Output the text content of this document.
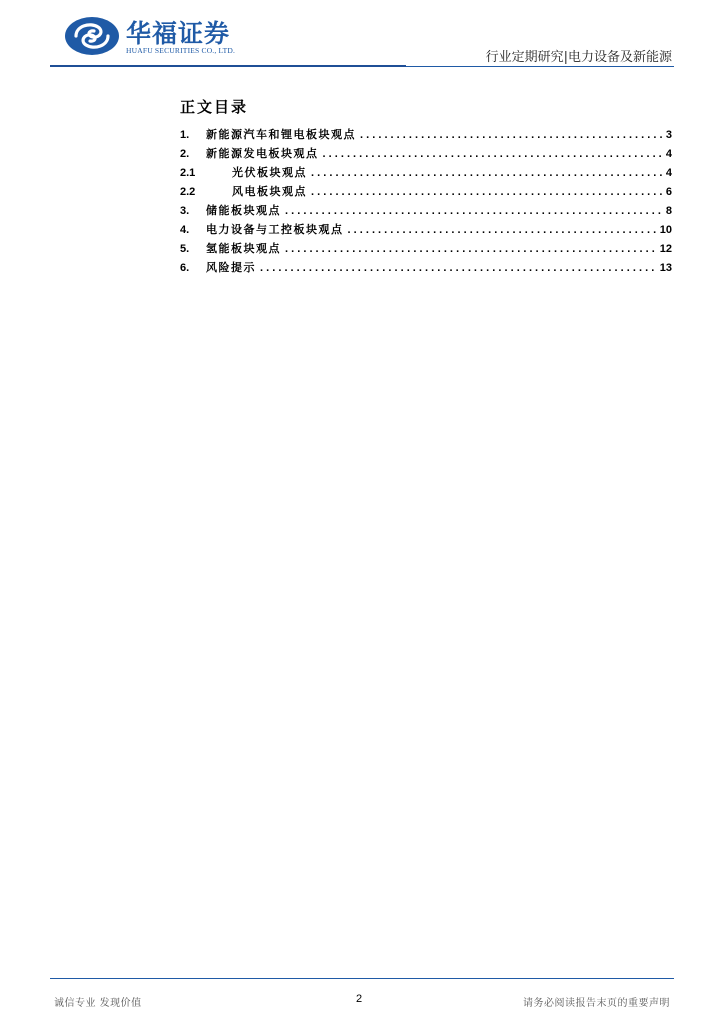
华福证券
HUAFU SECURITIES CO., LTD.	行业定期研究|电力设备及新能源
正文目录
1.	新能源汽车和锂电板块观点 . . .	3
2.	新能源发电板块观点 . . .	4
2.1	光伏板块观点 . . .	4
2.2	风电板块观点 . . .	6
3.	储能板块观点 . . .	8
4.	电力设备与工控板块观点 . . .	10
5.	氢能板块观点 . . .	12
6.	风险提示 . . .	13
诚信专业 发现价值	2	请务必阅读报告末页的重要声明
